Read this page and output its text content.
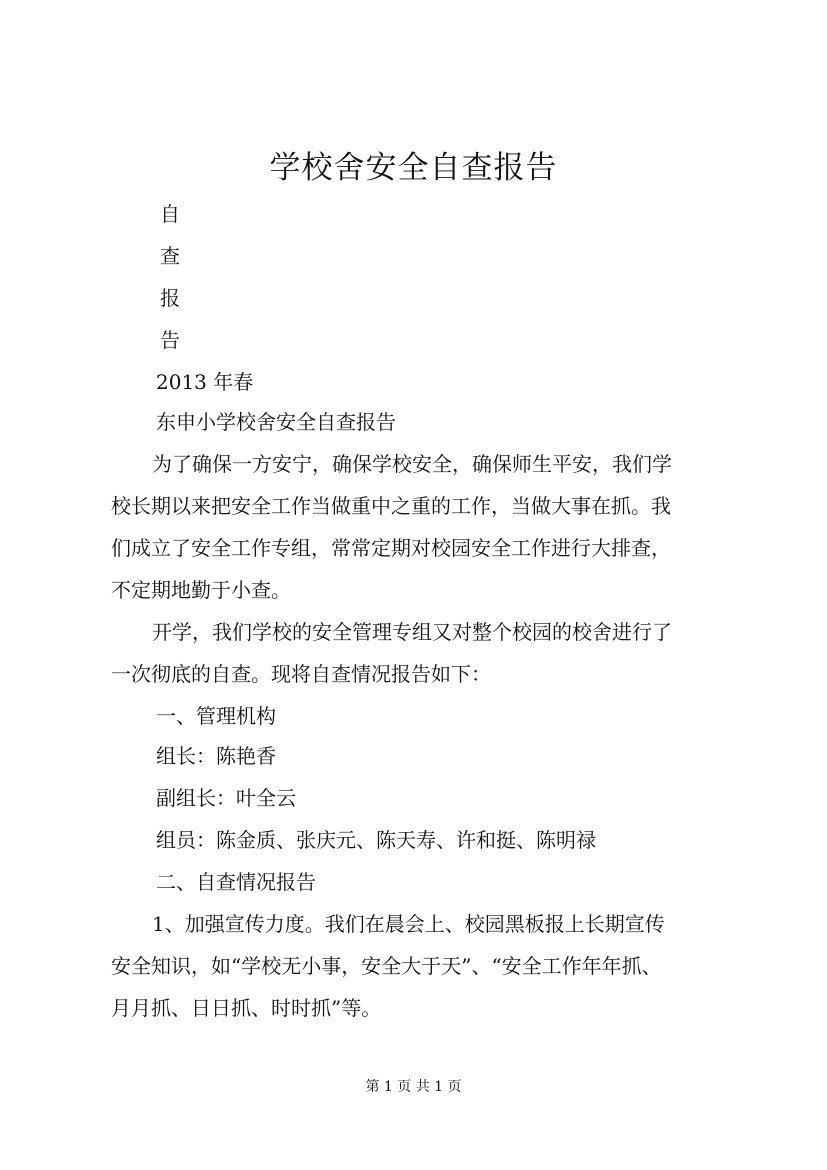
学校舍安全自查报告
自
查
报
告
2013 年春
东申小学校舍安全自查报告
为了确保一方安宁，确保学校安全，确保师生平安，我们学
校长期以来把安全工作当做重中之重的工作，当做大事在抓。我
们成立了安全工作专组，常常定期对校园安全工作进行大排查，
不定期地勤于小查。
开学，我们学校的安全管理专组又对整个校园的校舍进行了
一次彻底的自查。现将自查情况报告如下：
一、管理机构
组长：陈艳香
副组长：叶全云
组员：陈金质、张庆元、陈天寿、许和挺、陈明禄
二、自查情况报告
1、加强宣传力度。我们在晨会上、校园黑板报上长期宣传
安全知识，如“学校无小事，安全大于天”、“安全工作年年抓、
月月抓、日日抓、时时抓”等。
第 1 页 共 1 页
